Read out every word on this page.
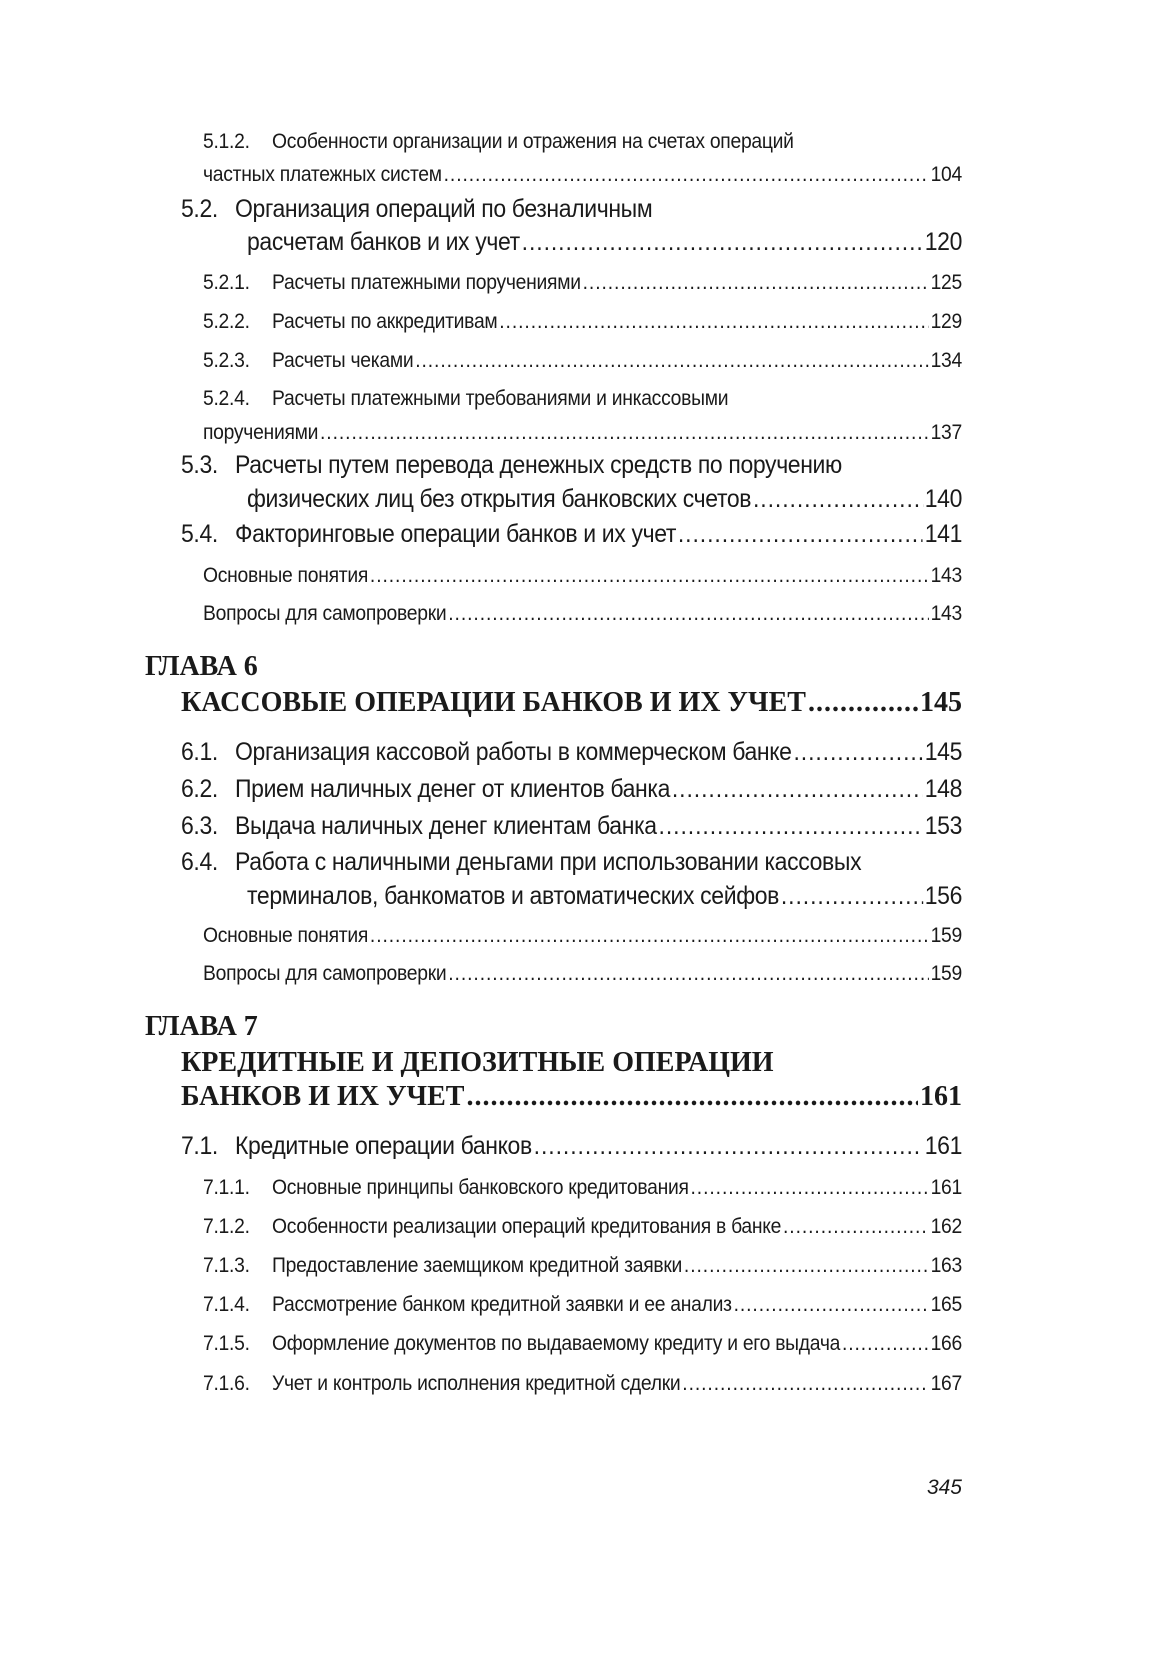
5.1.2.	Особенности организации и отражения на счетах операций
частных платежных систем .....	104
5.2. Организация операций по безналичным
расчетам банков и их учет .....	120
5.2.1.	Расчеты платежными поручениями .....	125
5.2.2.	Расчеты по аккредитивам .....	129
5.2.3.	Расчеты чеками .....	134
5.2.4.	Расчеты платежными требованиями и инкассовыми
поручениями .....	137
5.3. Расчеты путем перевода денежных средств по поручению
физических лиц без открытия банковских счетов .....	140
5.4. Факторинговые операции банков и их учет .....	141
Основные понятия .....	143
Вопросы для самопроверки .....	143
ГЛАВА 6
КАССОВЫЕ ОПЕРАЦИИ БАНКОВ И ИХ УЧЕТ .....	145
6.1. Организация кассовой работы в коммерческом банке .....	145
6.2. Прием наличных денег от клиентов банка .....	148
6.3. Выдача наличных денег клиентам банка .....	153
6.4. Работа с наличными деньгами при использовании кассовых
терминалов, банкоматов и автоматических сейфов .....	156
Основные понятия .....	159
Вопросы для самопроверки .....	159
ГЛАВА 7
КРЕДИТНЫЕ И ДЕПОЗИТНЫЕ ОПЕРАЦИИ
БАНКОВ И ИХ УЧЕТ .....	161
7.1. Кредитные операции банков .....	161
7.1.1.	Основные принципы банковского кредитования .....	161
7.1.2.	Особенности реализации операций кредитования в банке .....	162
7.1.3.	Предоставление заемщиком кредитной заявки .....	163
7.1.4.	Рассмотрение банком кредитной заявки и ее анализ .....	165
7.1.5.	Оформление документов по выдаваемому кредиту и его выдача .....	166
7.1.6.	Учет и контроль исполнения кредитной сделки .....	167
345
